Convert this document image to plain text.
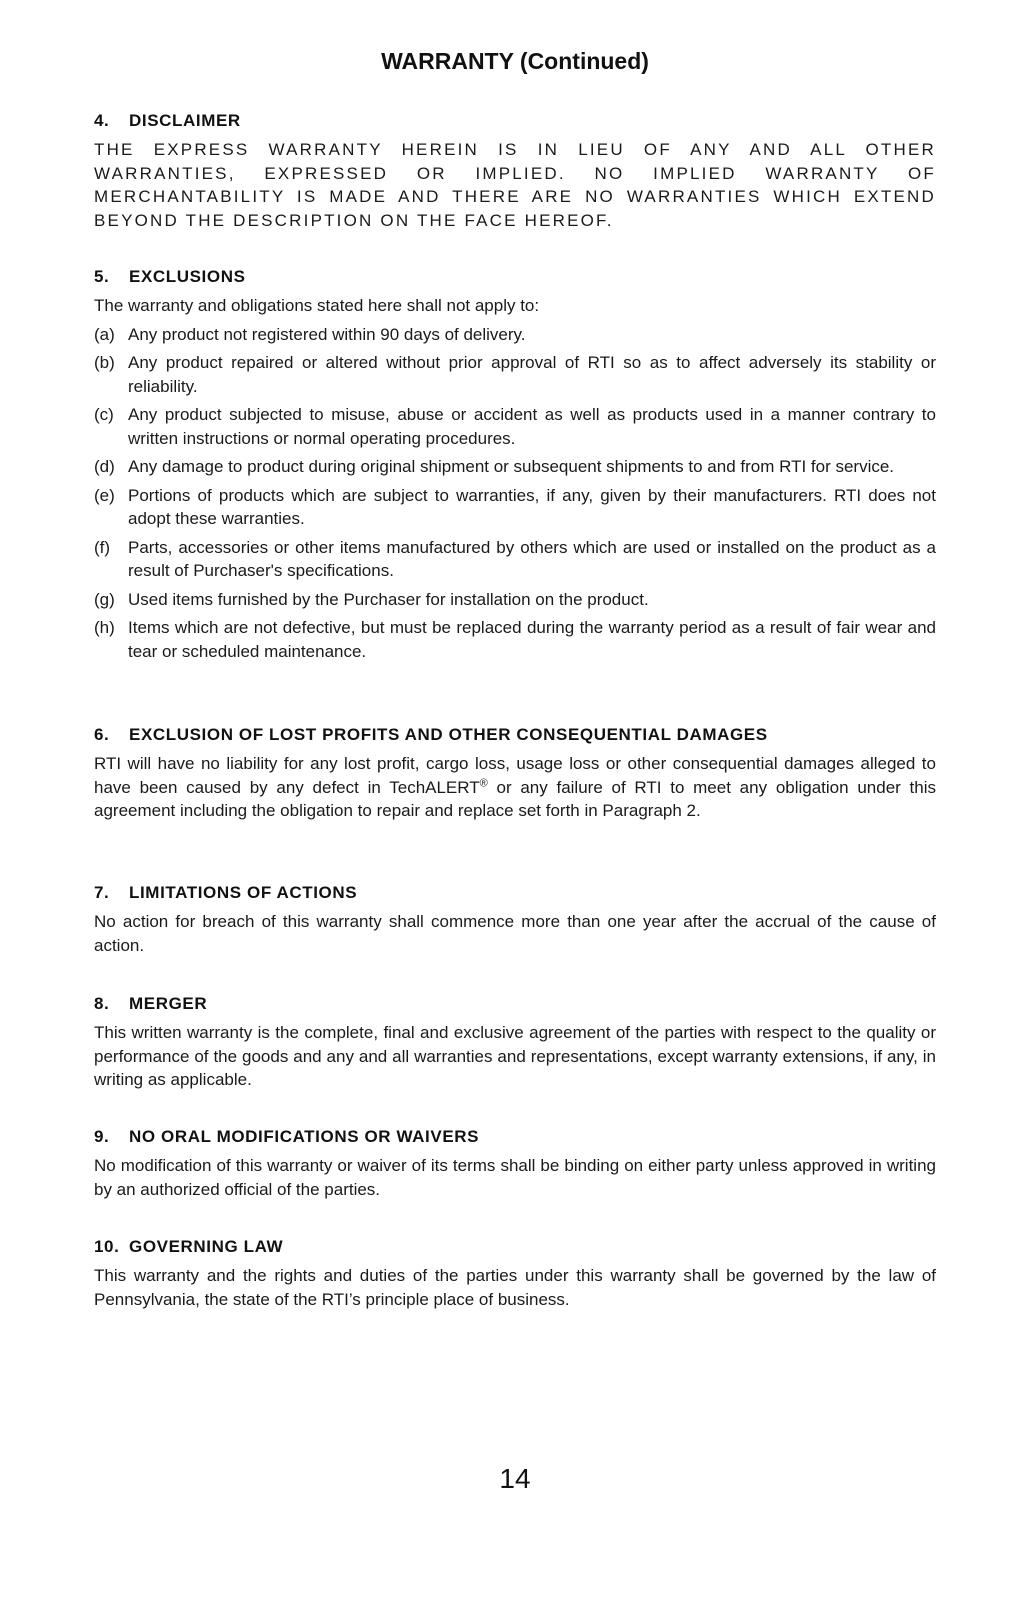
WARRANTY (Continued)
4. DISCLAIMER

THE EXPRESS WARRANTY HEREIN IS IN LIEU OF ANY AND ALL OTHER WARRANTIES, EXPRESSED OR IMPLIED. NO IMPLIED WARRANTY OF MERCHANTABILITY IS MADE AND THERE ARE NO WARRANTIES WHICH EXTEND BEYOND THE DESCRIPTION ON THE FACE HEREOF.

5. EXCLUSIONS

The warranty and obligations stated here shall not apply to:

(a) Any product not registered within 90 days of delivery.
(b) Any product repaired or altered without prior approval of RTI so as to affect adversely its stability or reliability.
(c) Any product subjected to misuse, abuse or accident as well as products used in a manner contrary to written instructions or normal operating procedures.
(d) Any damage to product during original shipment or subsequent shipments to and from RTI for service.
(e) Portions of products which are subject to warranties, if any, given by their manufacturers. RTI does not adopt these warranties.
(f) Parts, accessories or other items manufactured by others which are used or installed on the product as a result of Purchaser's specifications.
(g) Used items furnished by the Purchaser for installation on the product.
(h) Items which are not defective, but must be replaced during the warranty period as a result of fair wear and tear or scheduled maintenance.
6. EXCLUSION OF LOST PROFITS AND OTHER CONSEQUENTIAL DAMAGES

RTI will have no liability for any lost profit, cargo loss, usage loss or other consequential damages alleged to have been caused by any defect in TechALERT® or any failure of RTI to meet any obligation under this agreement including the obligation to repair and replace set forth in Paragraph 2.

7. LIMITATIONS OF ACTIONS

No action for breach of this warranty shall commence more than one year after the accrual of the cause of action.

8. MERGER

This written warranty is the complete, final and exclusive agreement of the parties with respect to the quality or performance of the goods and any and all warranties and representations, except warranty extensions, if any, in writing as applicable.

9. NO ORAL MODIFICATIONS OR WAIVERS

No modification of this warranty or waiver of its terms shall be binding on either party unless approved in writing by an authorized official of the parties.

10. GOVERNING LAW

This warranty and the rights and duties of the parties under this warranty shall be governed by the law of Pennsylvania, the state of the RTI’s principle place of business.

14
